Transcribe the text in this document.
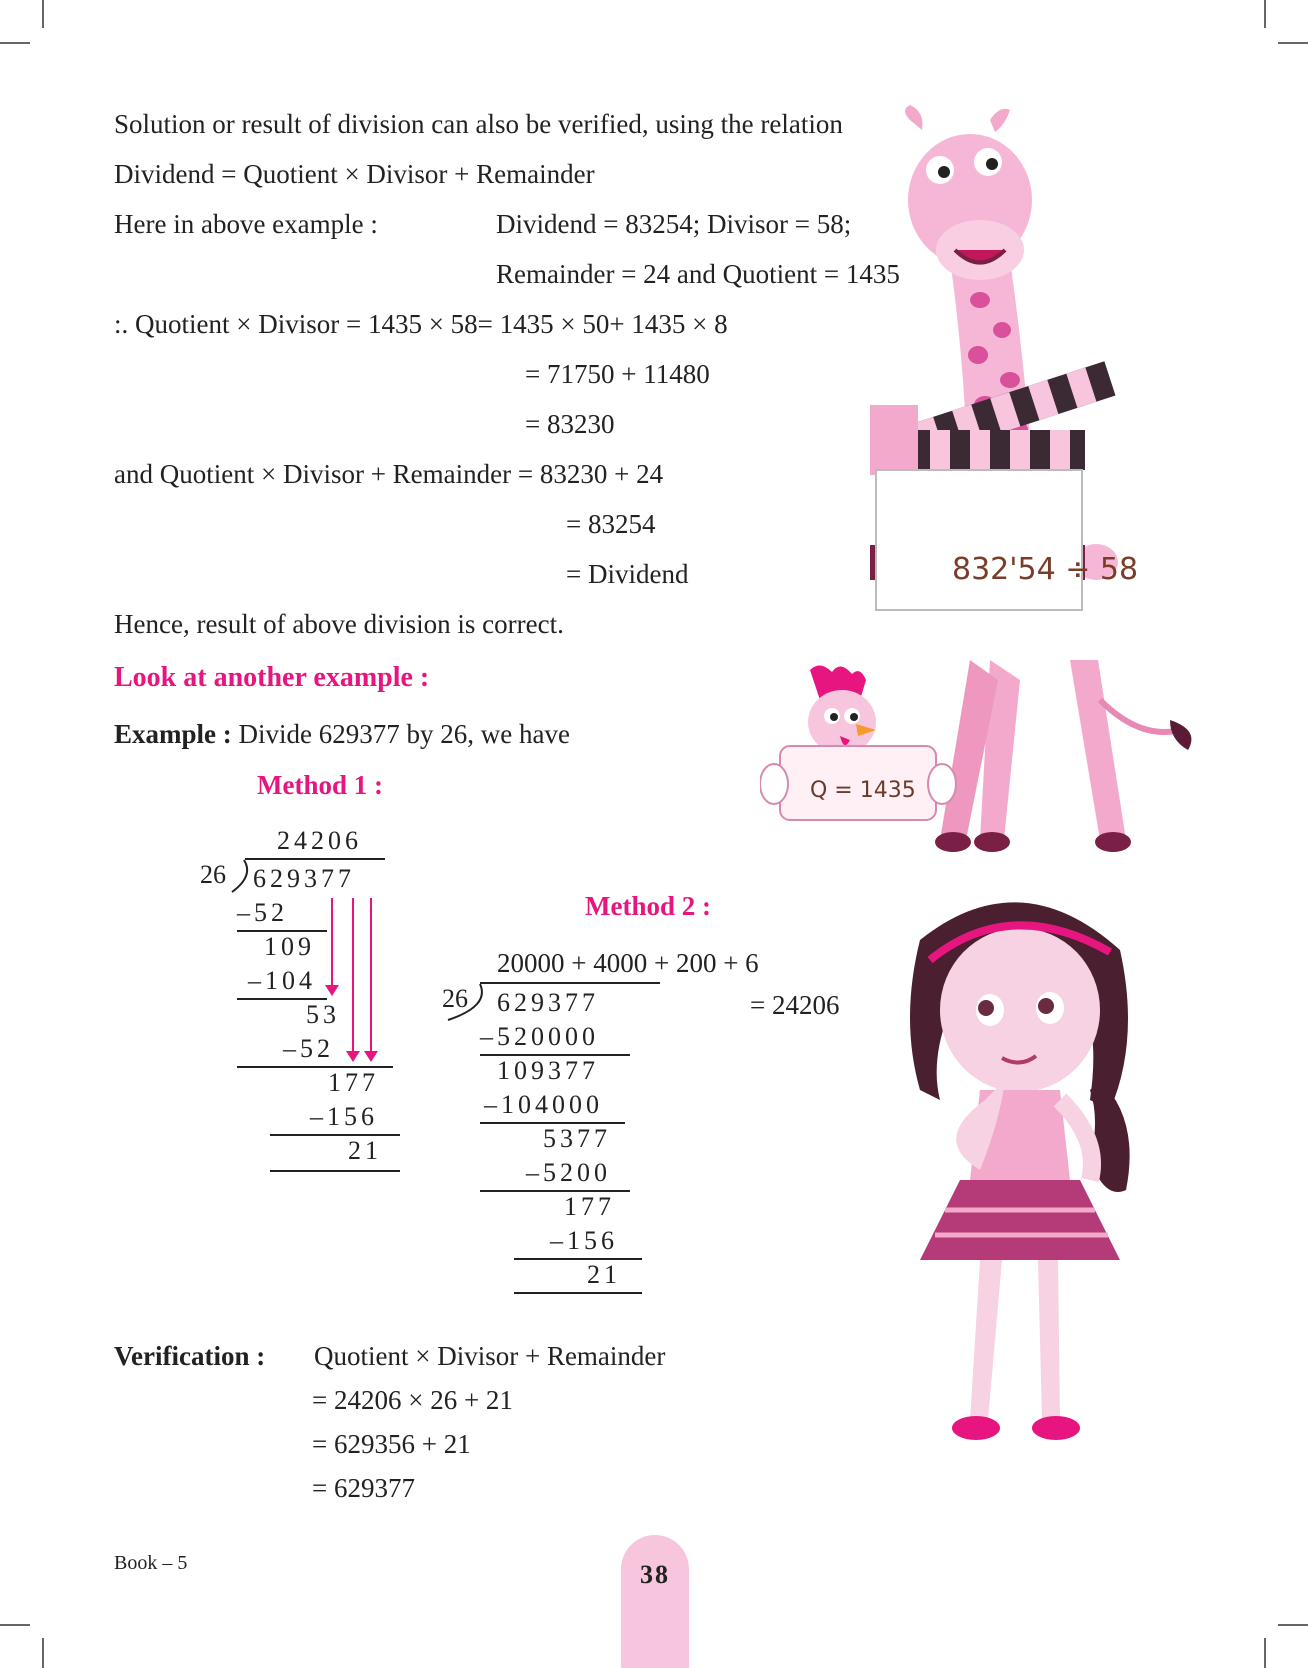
Solution or result of division can also be verified, using the relation
Dividend = Quotient × Divisor + Remainder
Here in above example :	Dividend = 83254; Divisor = 58;
Remainder = 24 and Quotient = 1435
:. Quotient × Divisor = 1435 × 58= 1435 × 50+ 1435 × 8
= 71750 + 11480
= 83230
and Quotient × Divisor + Remainder = 83230 + 24
= 83254
= Dividend
Hence, result of above division is correct.
Look at another example :
Example : Divide 629377 by 26, we have
Method 1 :
24206
26 629377
–52
109
–104
53
–52
177
–156
21
Method 2 :
20000 + 4000 + 200 + 6
= 24206
26 629377
–520000
109377
–104000
5377
–5200
177
–156
21
Verification : Quotient × Divisor + Remainder
= 24206 × 26 + 21
= 629356 + 21
= 629377
832'54 ÷ 58
Q = 1435
Book – 5	38
